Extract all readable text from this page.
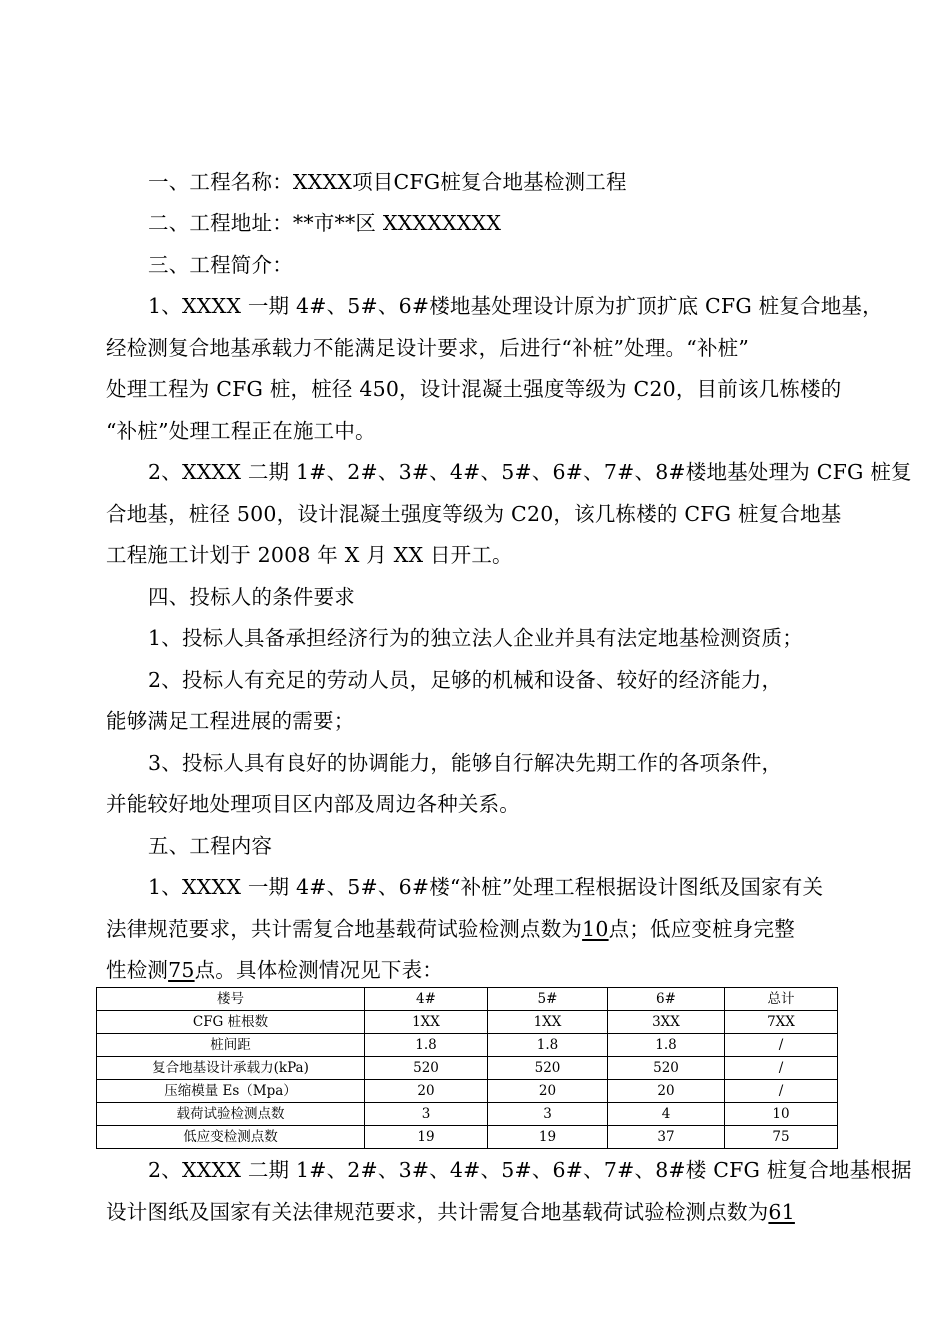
一、工程名称：XXXX项目CFG桩复合地基检测工程
二、工程地址：**市**区 XXXXXXXX
三、工程简介：
1、XXXX 一期 4#、5#、6#楼地基处理设计原为扩顶扩底 CFG 桩复合地基，
经检测复合地基承载力不能满足设计要求，后进行“补桩”处理。“补桩”
处理工程为 CFG 桩，桩径 450，设计混凝土强度等级为 C20，目前该几栋楼的
“补桩”处理工程正在施工中。
2、XXXX 二期 1#、2#、3#、4#、5#、6#、7#、8#楼地基处理为 CFG 桩复
合地基，桩径 500，设计混凝土强度等级为 C20，该几栋楼的 CFG 桩复合地基
工程施工计划于 2008 年 X 月 XX 日开工。
四、投标人的条件要求
1、投标人具备承担经济行为的独立法人企业并具有法定地基检测资质；
2、投标人有充足的劳动人员，足够的机械和设备、较好的经济能力，
能够满足工程进展的需要；
3、投标人具有良好的协调能力，能够自行解决先期工作的各项条件，
并能较好地处理项目区内部及周边各种关系。
五、工程内容
1、XXXX 一期 4#、5#、6#楼“补桩”处理工程根据设计图纸及国家有关
法律规范要求，共计需复合地基载荷试验检测点数为10点；低应变桩身完整
性检测75点。具体检测情况见下表：
楼号	4#	5#	6#	总计
CFG 桩根数	1XX	1XX	3XX	7XX
桩间距	1.8	1.8	1.8	/
复合地基设计承载力(kPa)	520	520	520	/
压缩模量 Es（Mpa）	20	20	20	/
载荷试验检测点数	3	3	4	10
低应变检测点数	19	19	37	75
2、XXXX 二期 1#、2#、3#、4#、5#、6#、7#、8#楼 CFG 桩复合地基根据
设计图纸及国家有关法律规范要求，共计需复合地基载荷试验检测点数为61
